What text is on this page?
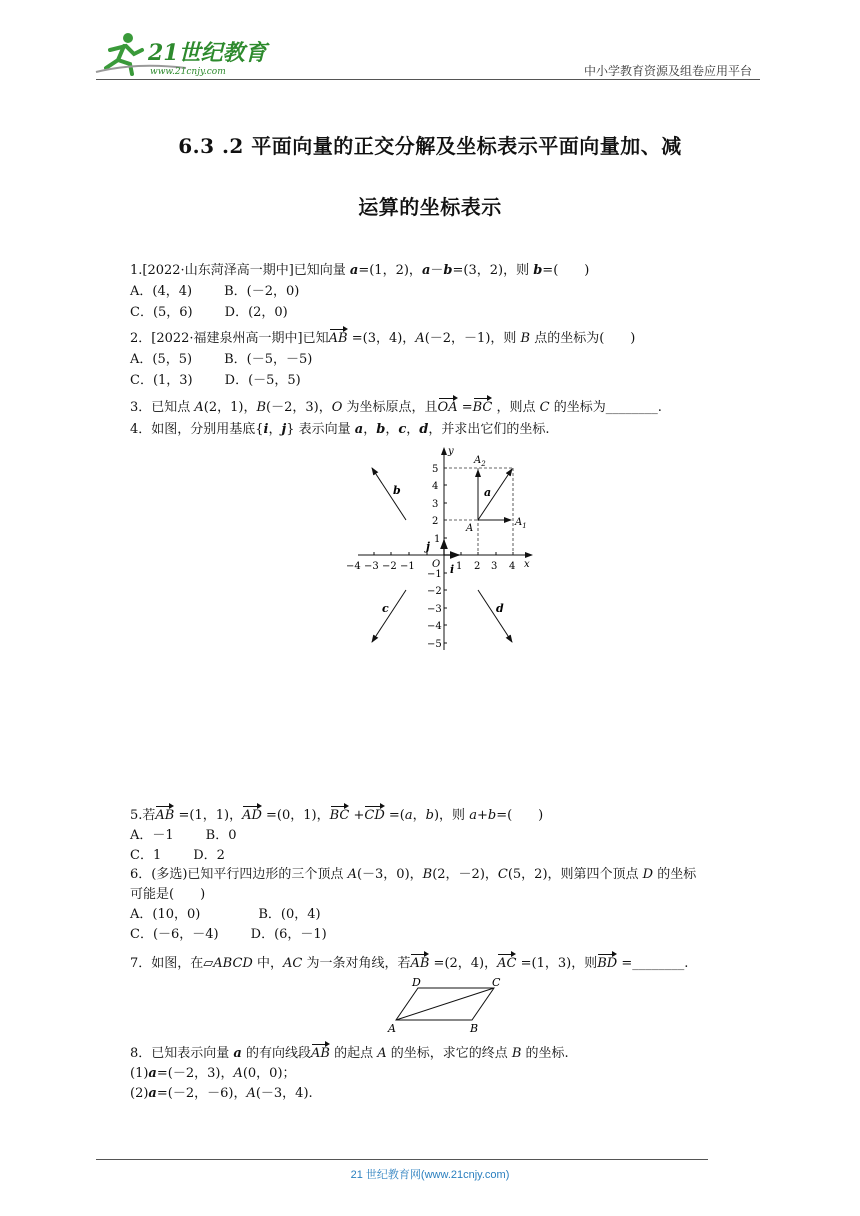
21世纪教育
www.21cnjy.com	中小学教育资源及组卷应用平台
6.3 .2 平面向量的正交分解及坐标表示平面向量加、减
运算的坐标表示
1.[2022·山东菏泽高一期中]已知向量 a=(1，2)，a－b=(3，2)，则 b=(　　)
A．(4，4) B．(－2，0)
C．(5，6) D．(2，0)
2．[2022·福建泉州高一期中]已知AB =(3，4)，A(－2，－1)，则 B 点的坐标为(　　)
A．(5，5) B．(－5，－5)
C．(1，3) D．(－5，5)
3．已知点 A(2，1)，B(－2，3)，O 为坐标原点，且OA =BC ，则点 C 的坐标为________.
4．如图，分别用基底{i，j} 表示向量 a，b，c，d，并求出它们的坐标.
x
y
O
−4 −3 −2 −1	1 2 3 4
1
2
3
4
5
−1
−2
−3
−4
−5
i
j
a
A
$A_1$
$A_2$
b
c	d
5.若AB =(1，1)，AD =(0，1)，BC +CD =(a，b)，则 a+b=(　　)
A．－1 B．0
C．1 D．2
6．(多选)已知平行四边形的三个顶点 A(－3，0)，B(2，－2)，C(5，2)，则第四个顶点 D 的坐标
可能是(　　)
A．(10，0)	B．(0，4)
C．(－6，－4) D．(6，－1)
7．如图，在▱ABCD 中，AC 为一条对角线，若AB =(2，4)，AC =(1，3)，则BD =________.
A	B
C
D
8．已知表示向量 a 的有向线段AB 的起点 A 的坐标，求它的终点 B 的坐标.
(1)a=(－2，3)，A(0，0)；
(2)a=(－2，－6)，A(－3，4).
21 世纪教育网(www.21cnjy.com)
